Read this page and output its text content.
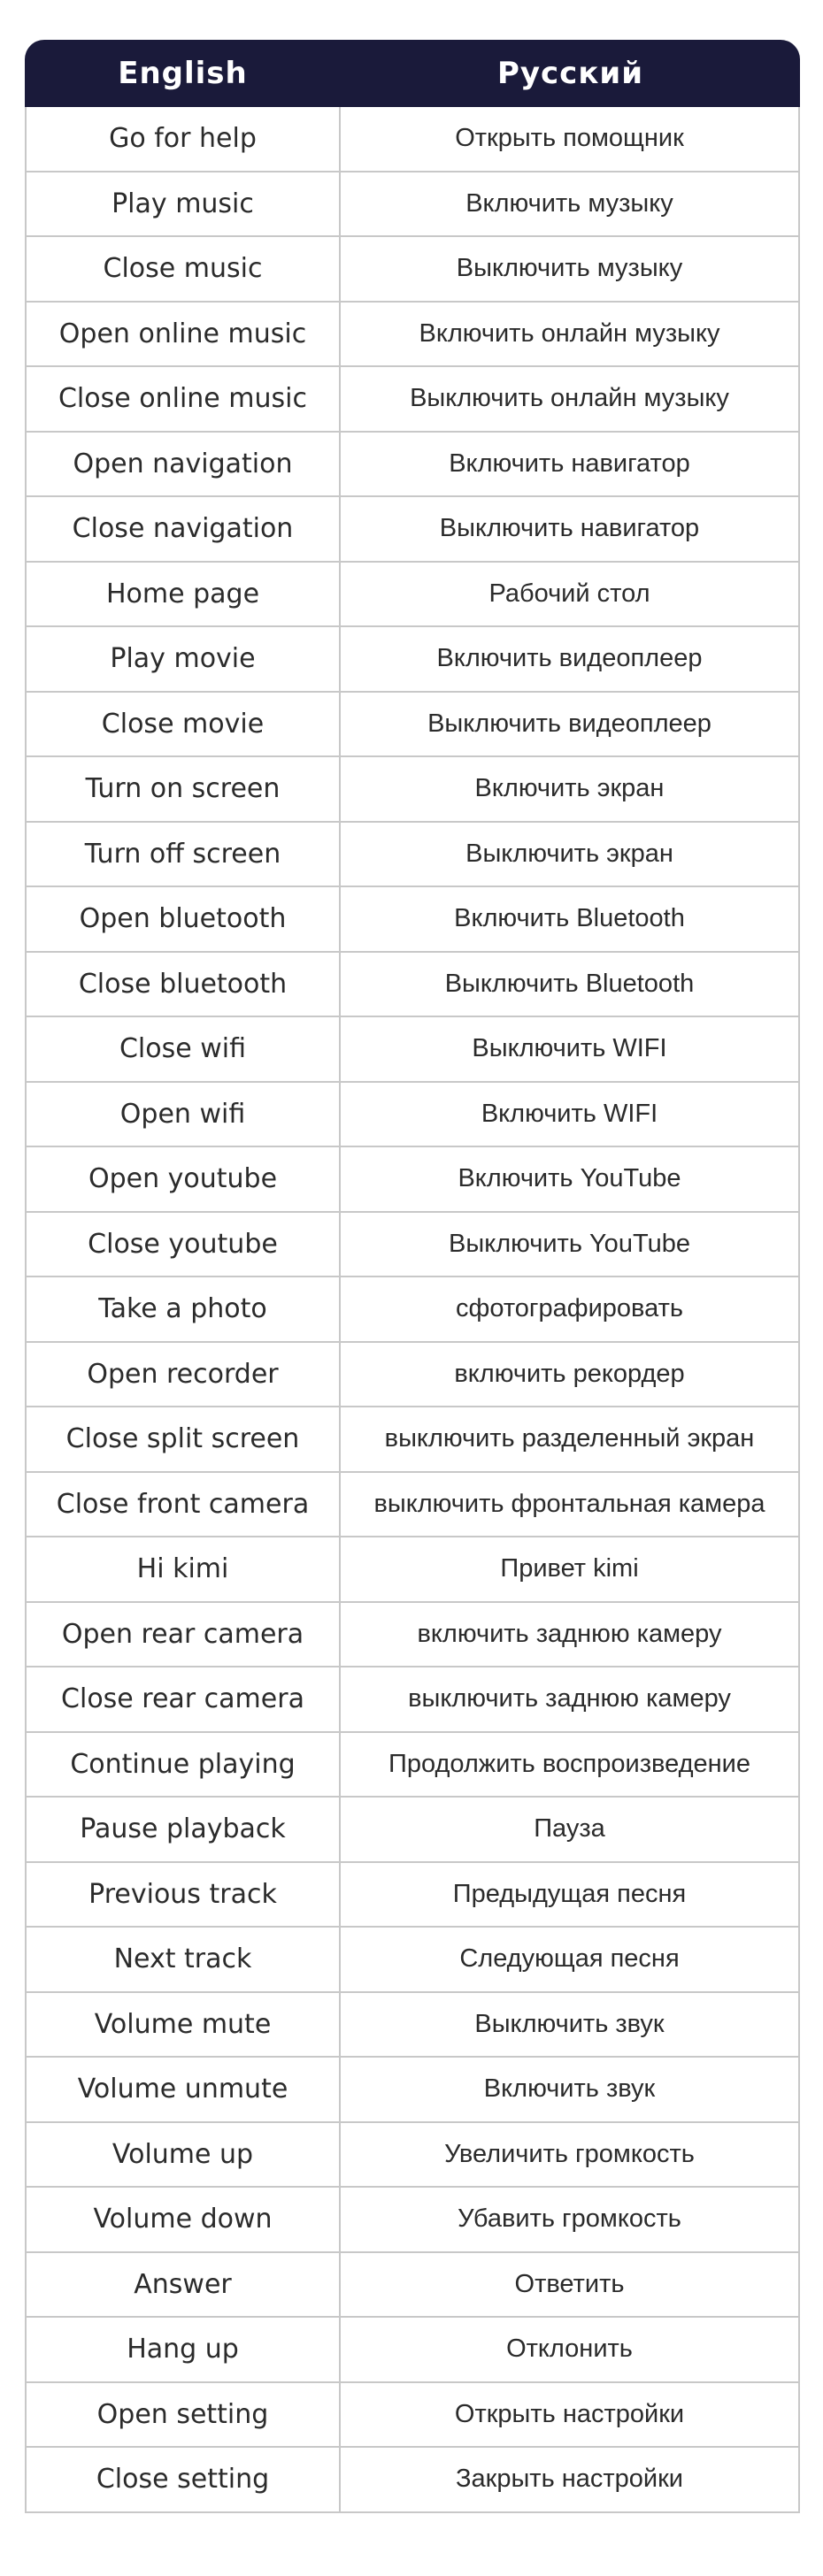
English	Русский
Go for help	Открыть помощник
Play music	Включить музыку
Close music	Выключить музыку
Open online music	Включить онлайн музыку
Close online music	Выключить онлайн музыку
Open navigation	Включить навигатор
Close navigation	Выключить навигатор
Home page	Рабочий стол
Play movie	Включить видеоплеер
Close movie	Выключить видеоплеер
Turn on screen	Включить экран
Turn off screen	Выключить экран
Open bluetooth	Включить Bluetooth
Close bluetooth	Выключить Bluetooth
Close wifi	Выключить WIFI
Open wifi	Включить WIFI
Open youtube	Включить YouTube
Close youtube	Выключить YouTube
Take a photo	сфотографировать
Open recorder	включить рекордер
Close split screen	выключить разделенный экран
Close front camera	выключить фронтальная камера
Hi kimi	Привет kimi
Open rear camera	включить заднюю камеру
Close rear camera	выключить заднюю камеру
Continue playing	Продолжить воспроизведение
Pause playback	Пауза
Previous track	Предыдущая песня
Next track	Следующая песня
Volume mute	Выключить звук
Volume unmute	Включить звук
Volume up	Увеличить громкость
Volume down	Убавить громкость
Answer	Ответить
Hang up	Отклонить
Open setting	Открыть настройки
Close setting	Закрыть настройки
